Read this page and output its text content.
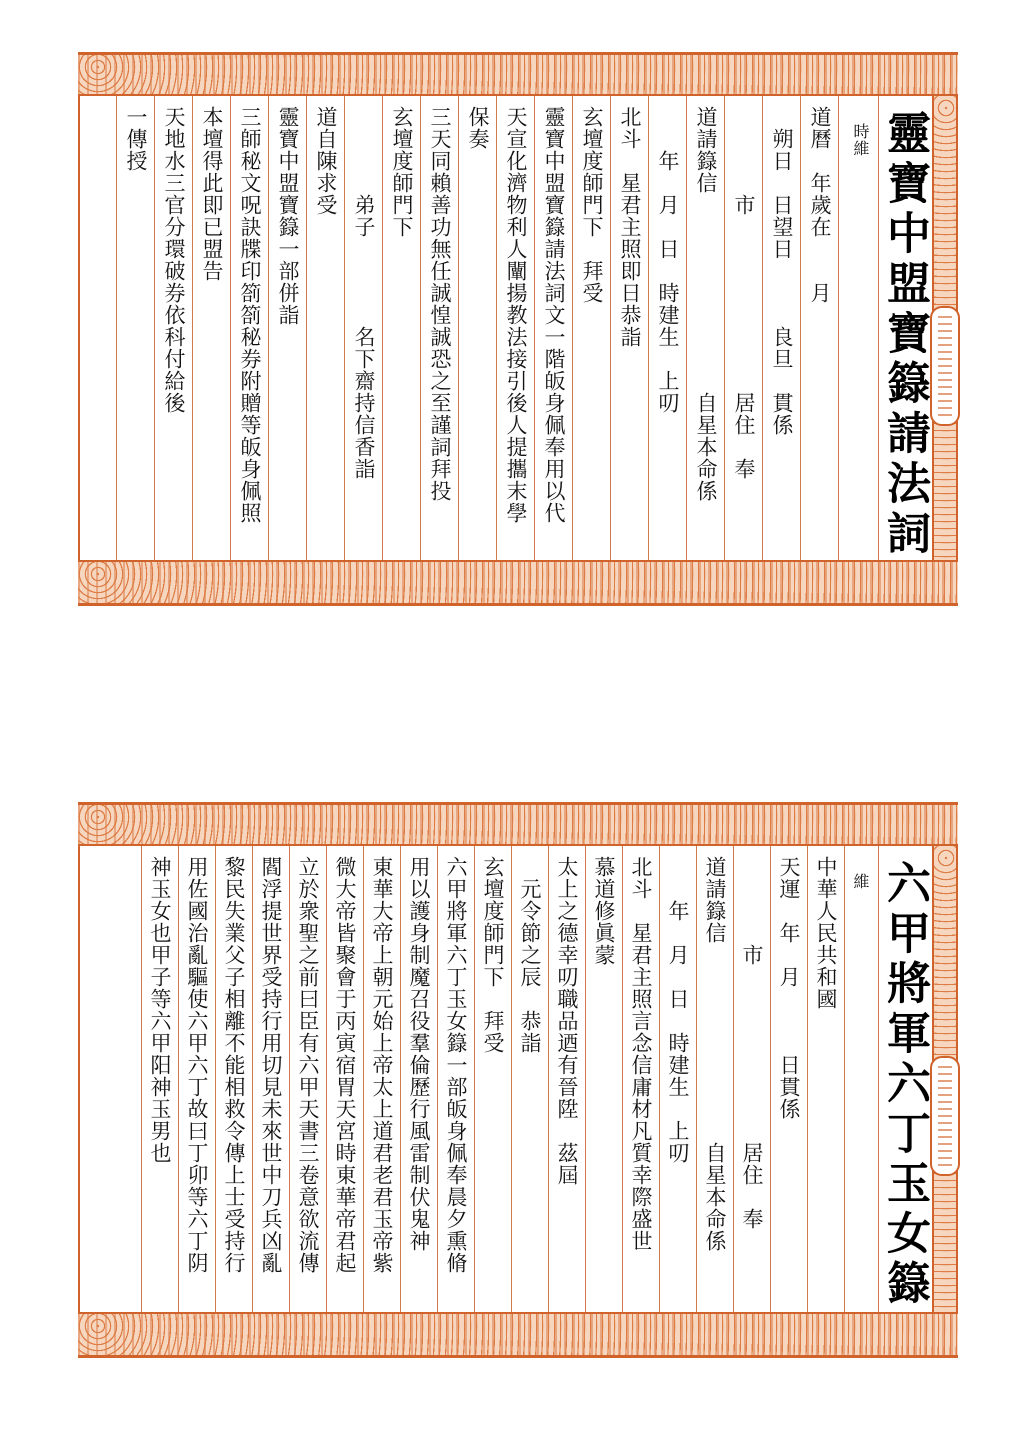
靈寶中盟寶籙請法詞
　時維
道曆　年歲在　　月
　朔日　日望日　　　良旦　貫係
　　　　市　　　　　　　　居住　奉
道請籙信　　　　　　　　　自星本命係
　　年　月　日　時建生　上叨
北斗　星君主照即日恭詣
玄壇度師門下　拜受
靈寶中盟寶籙請法詞文一階皈身佩奉用以代
天宣化濟物利人闡揚教法接引後人提攜末學
保奏
三天同賴善功無任誠惶誠恐之至謹詞拜投
玄壇度師門下
　　　　弟子　　　　名下齋持信香詣
道自陳求受
靈寶中盟寶籙一部併詣
三師秘文呪訣牒印箚箚秘券附贈等皈身佩照
本壇得此即已盟告
天地水三官分環破券依科付給後
一傳授
六甲將軍六丁玉女籙
　維
中華人民共和國
天運　年　月　　　日貫係
　　　　市　　　　　　　　居住　奉
道請籙信　　　　　　　　　自星本命係
　　年　月　日　時建生　上叨
北斗　星君主照言念信庸材凡質幸際盛世
慕道修眞蒙
太上之德幸叨職品迺有晉陞　茲屆
　元令節之辰　恭詣
玄壇度師門下　拜受
六甲將軍六丁玉女籙一部皈身佩奉晨夕熏脩
用以護身制魔召役羣倫歷行風雷制伏鬼神
東華大帝上朝元始上帝太上道君老君玉帝紫
微大帝皆聚會于丙寅宿胃天宮時東華帝君起
立於衆聖之前曰臣有六甲天書三卷意欲流傳
閻浮提世界受持行用切見未來世中刀兵凶亂
黎民失業父子相離不能相救令傳上士受持行
用佐國治亂驅使六甲六丁故曰丁卯等六丁阴
神玉女也甲子等六甲阳神玉男也
